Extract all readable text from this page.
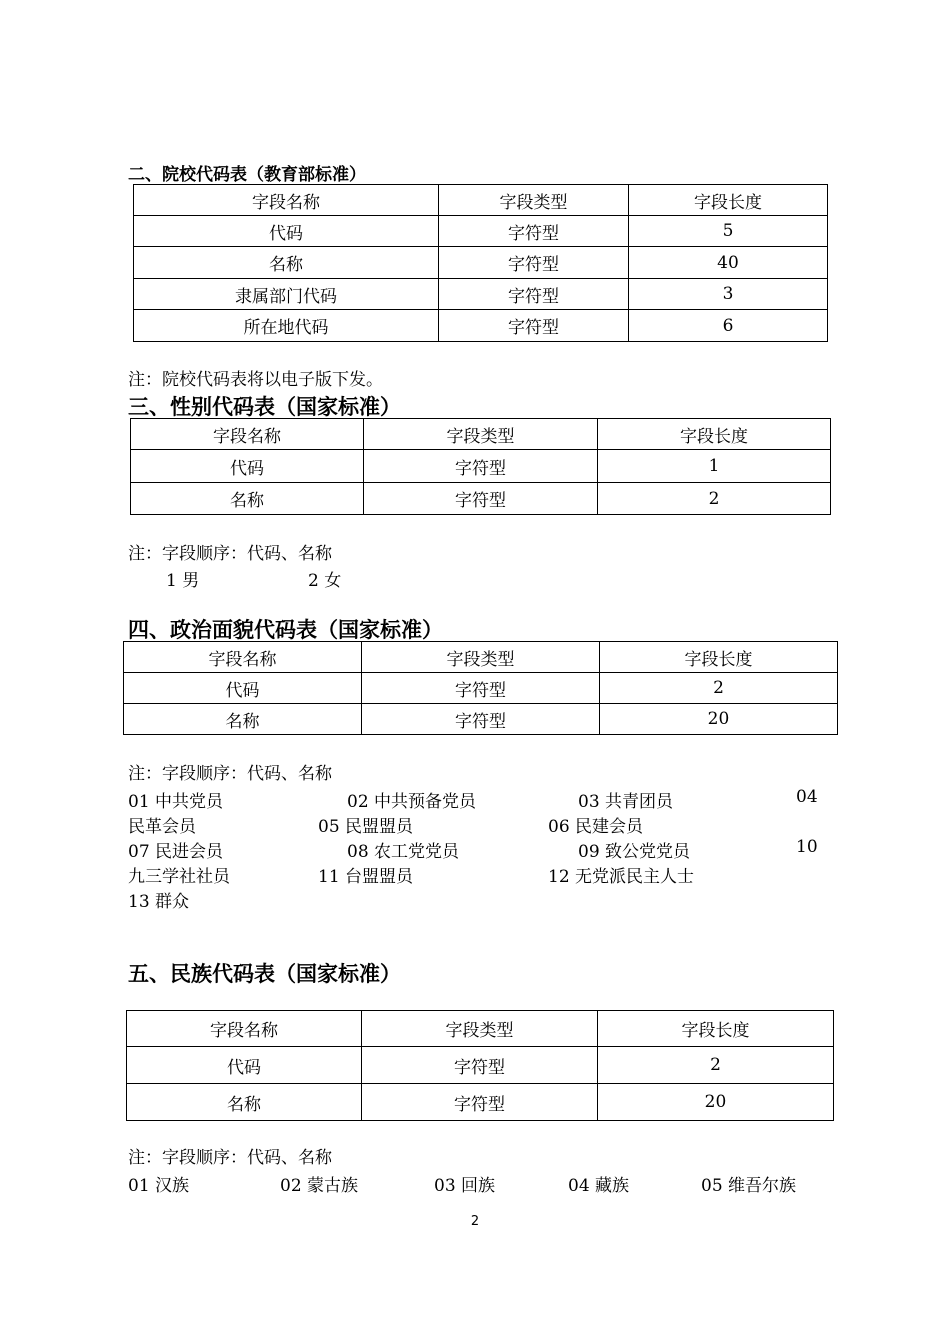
二、院校代码表（教育部标准）
字段名称	字段类型	字段长度
代码	字符型	5
名称	字符型	40
隶属部门代码	字符型	3
所在地代码	字符型	6
注：院校代码表将以电子版下发。
三、性别代码表（国家标准）
字段名称	字段类型	字段长度
代码	字符型	1
名称	字符型	2
注：字段顺序：代码、名称
1 男	2 女
四、政治面貌代码表（国家标准）
字段名称	字段类型	字段长度
代码	字符型	2
名称	字符型	20
注：字段顺序：代码、名称
01 中共党员	02 中共预备党员	03 共青团员	04
民革会员	05 民盟盟员	06 民建会员
07 民进会员	08 农工党党员	09 致公党党员	10
九三学社社员	11 台盟盟员	12 无党派民主人士
13 群众
五、民族代码表（国家标准）
字段名称	字段类型	字段长度
代码	字符型	2
名称	字符型	20
注：字段顺序：代码、名称
01 汉族	02 蒙古族	03 回族	04 藏族	05 维吾尔族
2
